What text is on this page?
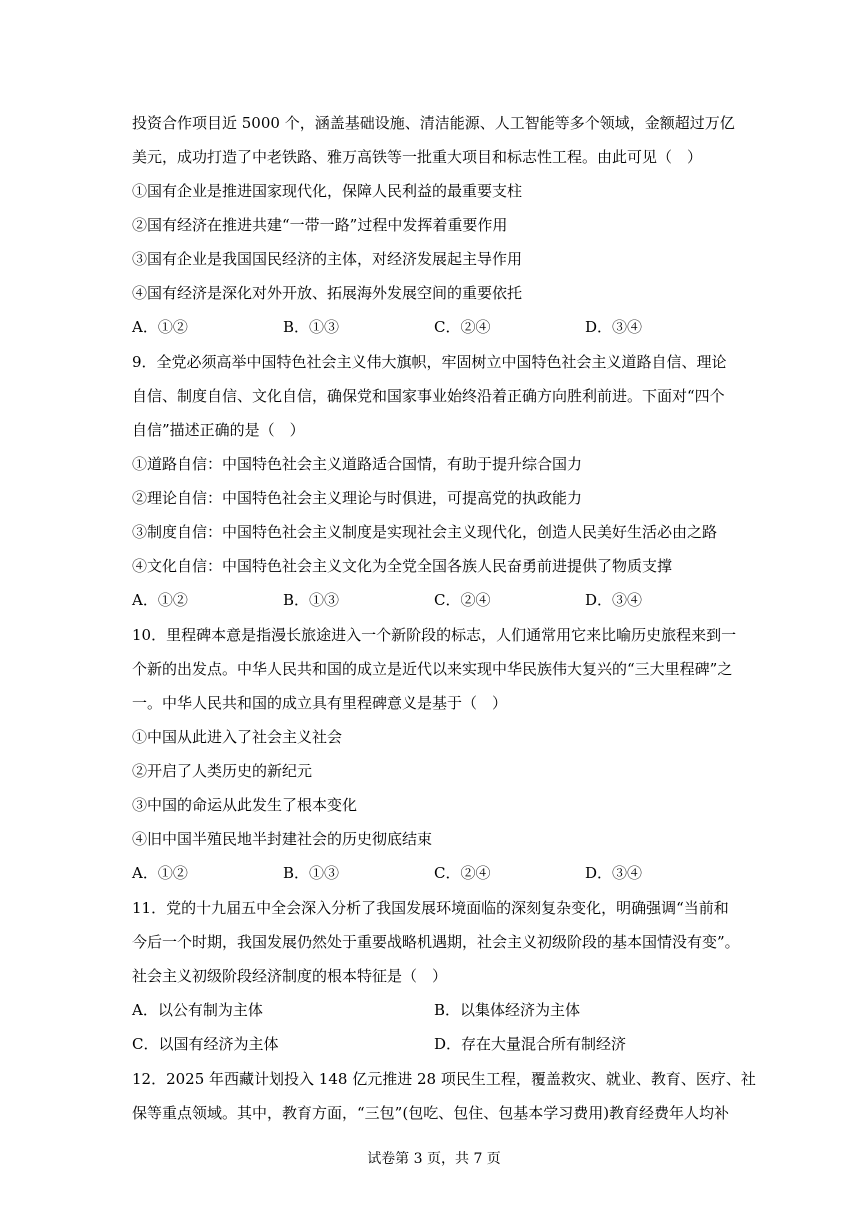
投资合作项目近 5000 个，涵盖基础设施、清洁能源、人工智能等多个领域，金额超过万亿
美元，成功打造了中老铁路、雅万高铁等一批重大项目和标志性工程。由此可见（　）
①国有企业是推进国家现代化，保障人民利益的最重要支柱
②国有经济在推进共建“一带一路”过程中发挥着重要作用
③国有企业是我国国民经济的主体，对经济发展起主导作用
④国有经济是深化对外开放、拓展海外发展空间的重要依托
A．①②	B．①③	C．②④	D．③④
9．全党必须高举中国特色社会主义伟大旗帜，牢固树立中国特色社会主义道路自信、理论
自信、制度自信、文化自信，确保党和国家事业始终沿着正确方向胜利前进。下面对“四个
自信”描述正确的是（　）
①道路自信：中国特色社会主义道路适合国情，有助于提升综合国力
②理论自信：中国特色社会主义理论与时俱进，可提高党的执政能力
③制度自信：中国特色社会主义制度是实现社会主义现代化，创造人民美好生活必由之路
④文化自信：中国特色社会主义文化为全党全国各族人民奋勇前进提供了物质支撑
A．①②	B．①③	C．②④	D．③④
10．里程碑本意是指漫长旅途进入一个新阶段的标志，人们通常用它来比喻历史旅程来到一
个新的出发点。中华人民共和国的成立是近代以来实现中华民族伟大复兴的“三大里程碑”之
一。中华人民共和国的成立具有里程碑意义是基于（　）
①中国从此进入了社会主义社会
②开启了人类历史的新纪元
③中国的命运从此发生了根本变化
④旧中国半殖民地半封建社会的历史彻底结束
A．①②	B．①③	C．②④	D．③④
11．党的十九届五中全会深入分析了我国发展环境面临的深刻复杂变化，明确强调“当前和
今后一个时期，我国发展仍然处于重要战略机遇期，社会主义初级阶段的基本国情没有变”。
社会主义初级阶段经济制度的根本特征是（　）
A．以公有制为主体	B．以集体经济为主体
C．以国有经济为主体	D．存在大量混合所有制经济
12．2025 年西藏计划投入 148 亿元推进 28 项民生工程，覆盖救灾、就业、教育、医疗、社
保等重点领域。其中，教育方面，“三包”(包吃、包住、包基本学习费用)教育经费年人均补
试卷第 3 页，共 7 页
